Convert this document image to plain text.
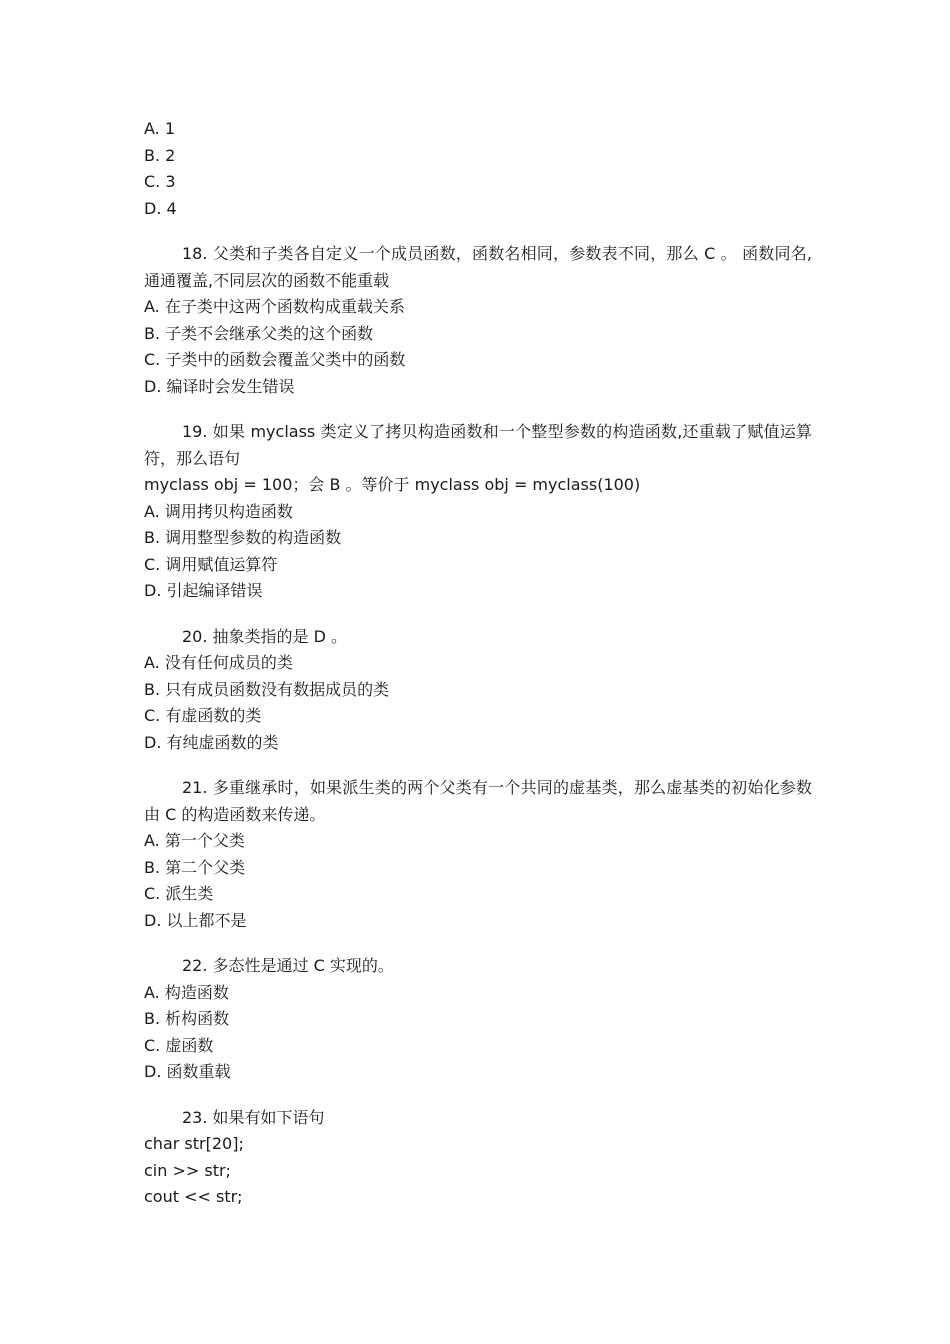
A. 1
B. 2
C. 3
D. 4
18. 父类和子类各自定义一个成员函数，函数名相同，参数表不同，那么 C 。 函数同名,通通覆盖,不同层次的函数不能重载
A. 在子类中这两个函数构成重载关系
B. 子类不会继承父类的这个函数
C. 子类中的函数会覆盖父类中的函数
D. 编译时会发生错误
19. 如果 myclass 类定义了拷贝构造函数和一个整型参数的构造函数,还重载了赋值运算符，那么语句
myclass obj = 100；会 B 。等价于 myclass obj = myclass(100)
A. 调用拷贝构造函数
B. 调用整型参数的构造函数
C. 调用赋值运算符
D. 引起编译错误
20. 抽象类指的是 D 。
A. 没有任何成员的类
B. 只有成员函数没有数据成员的类
C. 有虚函数的类
D. 有纯虚函数的类
21. 多重继承时，如果派生类的两个父类有一个共同的虚基类，那么虚基类的初始化参数由 C 的构造函数来传递。
A. 第一个父类
B. 第二个父类
C. 派生类
D. 以上都不是
22. 多态性是通过 C 实现的。
A. 构造函数
B. 析构函数
C. 虚函数
D. 函数重载
23. 如果有如下语句
char str[20];
cin >> str;
cout << str;
